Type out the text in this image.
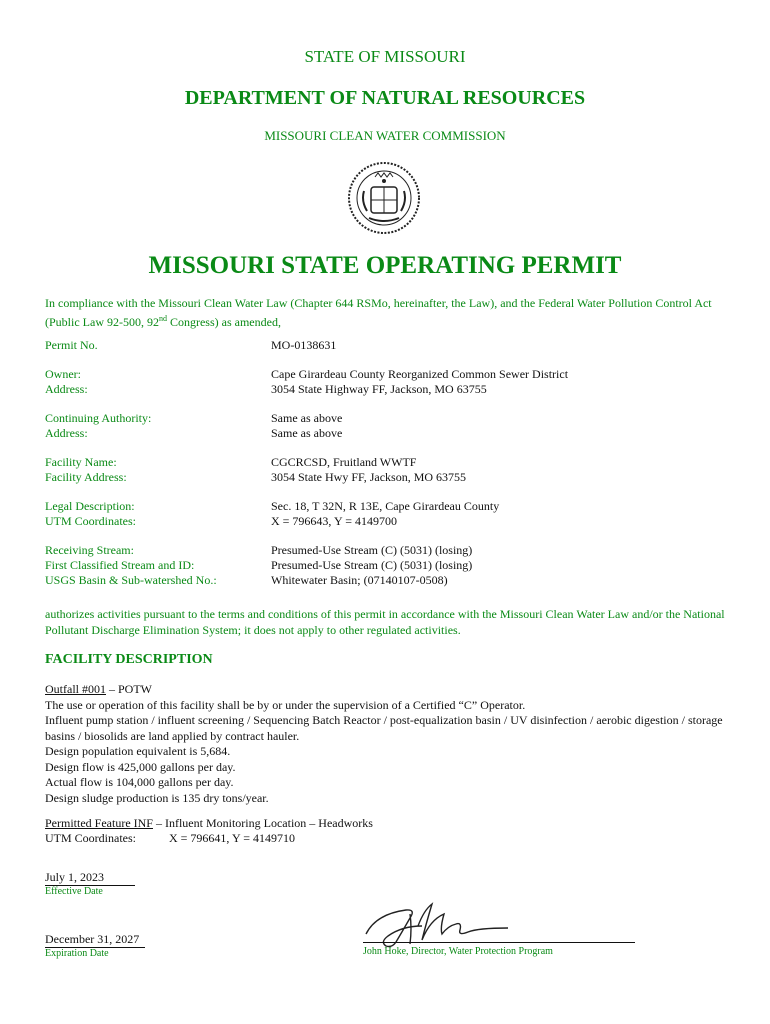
STATE OF MISSOURI
DEPARTMENT OF NATURAL RESOURCES
MISSOURI CLEAN WATER COMMISSION
MISSOURI STATE OPERATING PERMIT
In compliance with the Missouri Clean Water Law (Chapter 644 RSMo, hereinafter, the Law), and the Federal Water Pollution Control Act (Public Law 92-500, 92nd Congress) as amended,
Permit No.	MO-0138631
Owner:	Cape Girardeau County Reorganized Common Sewer District
Address:	3054 State Highway FF, Jackson, MO 63755
Continuing Authority:	Same as above
Address:	Same as above
Facility Name:	CGCRCSD, Fruitland WWTF
Facility Address:	3054 State Hwy FF, Jackson, MO 63755
Legal Description:	Sec. 18, T 32N, R 13E, Cape Girardeau County
UTM Coordinates:	X = 796643, Y = 4149700
Receiving Stream:	Presumed-Use Stream (C) (5031) (losing)
First Classified Stream and ID:	Presumed-Use Stream (C) (5031) (losing)
USGS Basin & Sub-watershed No.:	Whitewater Basin; (07140107-0508)
authorizes activities pursuant to the terms and conditions of this permit in accordance with the Missouri Clean Water Law and/or the National Pollutant Discharge Elimination System; it does not apply to other regulated activities.
FACILITY DESCRIPTION
Outfall #001 – POTW
The use or operation of this facility shall be by or under the supervision of a Certified “C” Operator.
Influent pump station / influent screening / Sequencing Batch Reactor / post-equalization basin / UV disinfection / aerobic digestion / storage basins / biosolids are land applied by contract hauler.
Design population equivalent is 5,684.
Design flow is 425,000 gallons per day.
Actual flow is 104,000 gallons per day.
Design sludge production is 135 dry tons/year.
Permitted Feature INF – Influent Monitoring Location – Headworks
UTM Coordinates:	X = 796641, Y = 4149710
July 1, 2023
Effective Date
December 31, 2027
Expiration Date	John Hoke, Director, Water Protection Program
